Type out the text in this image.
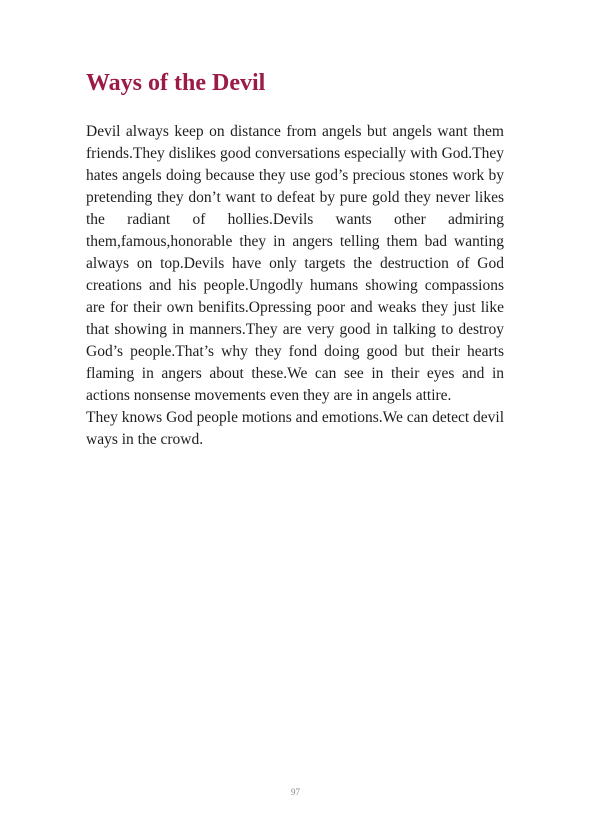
Ways of the Devil

Devil always keep on distance from angels but angels want them friends.They dislikes good conversations especially with God.They hates angels doing because they use god’s precious stones work by pretending they don’t want to defeat by pure gold they never likes the radiant of hollies.Devils wants other admiring them,famous,honorable they in angers telling them bad wanting always on top.Devils have only targets the destruction of God creations and his people.Ungodly humans showing compassions are for their own benifits.Opressing poor and weaks they just like that showing in manners.They are very good in talking to destroy God’s people.That’s why they fond doing good but their hearts flaming in angers about these.We can see in their eyes and in actions nonsense movements even they are in angels attire.

They knows God people motions and emotions.We can detect devil ways in the crowd.

97
